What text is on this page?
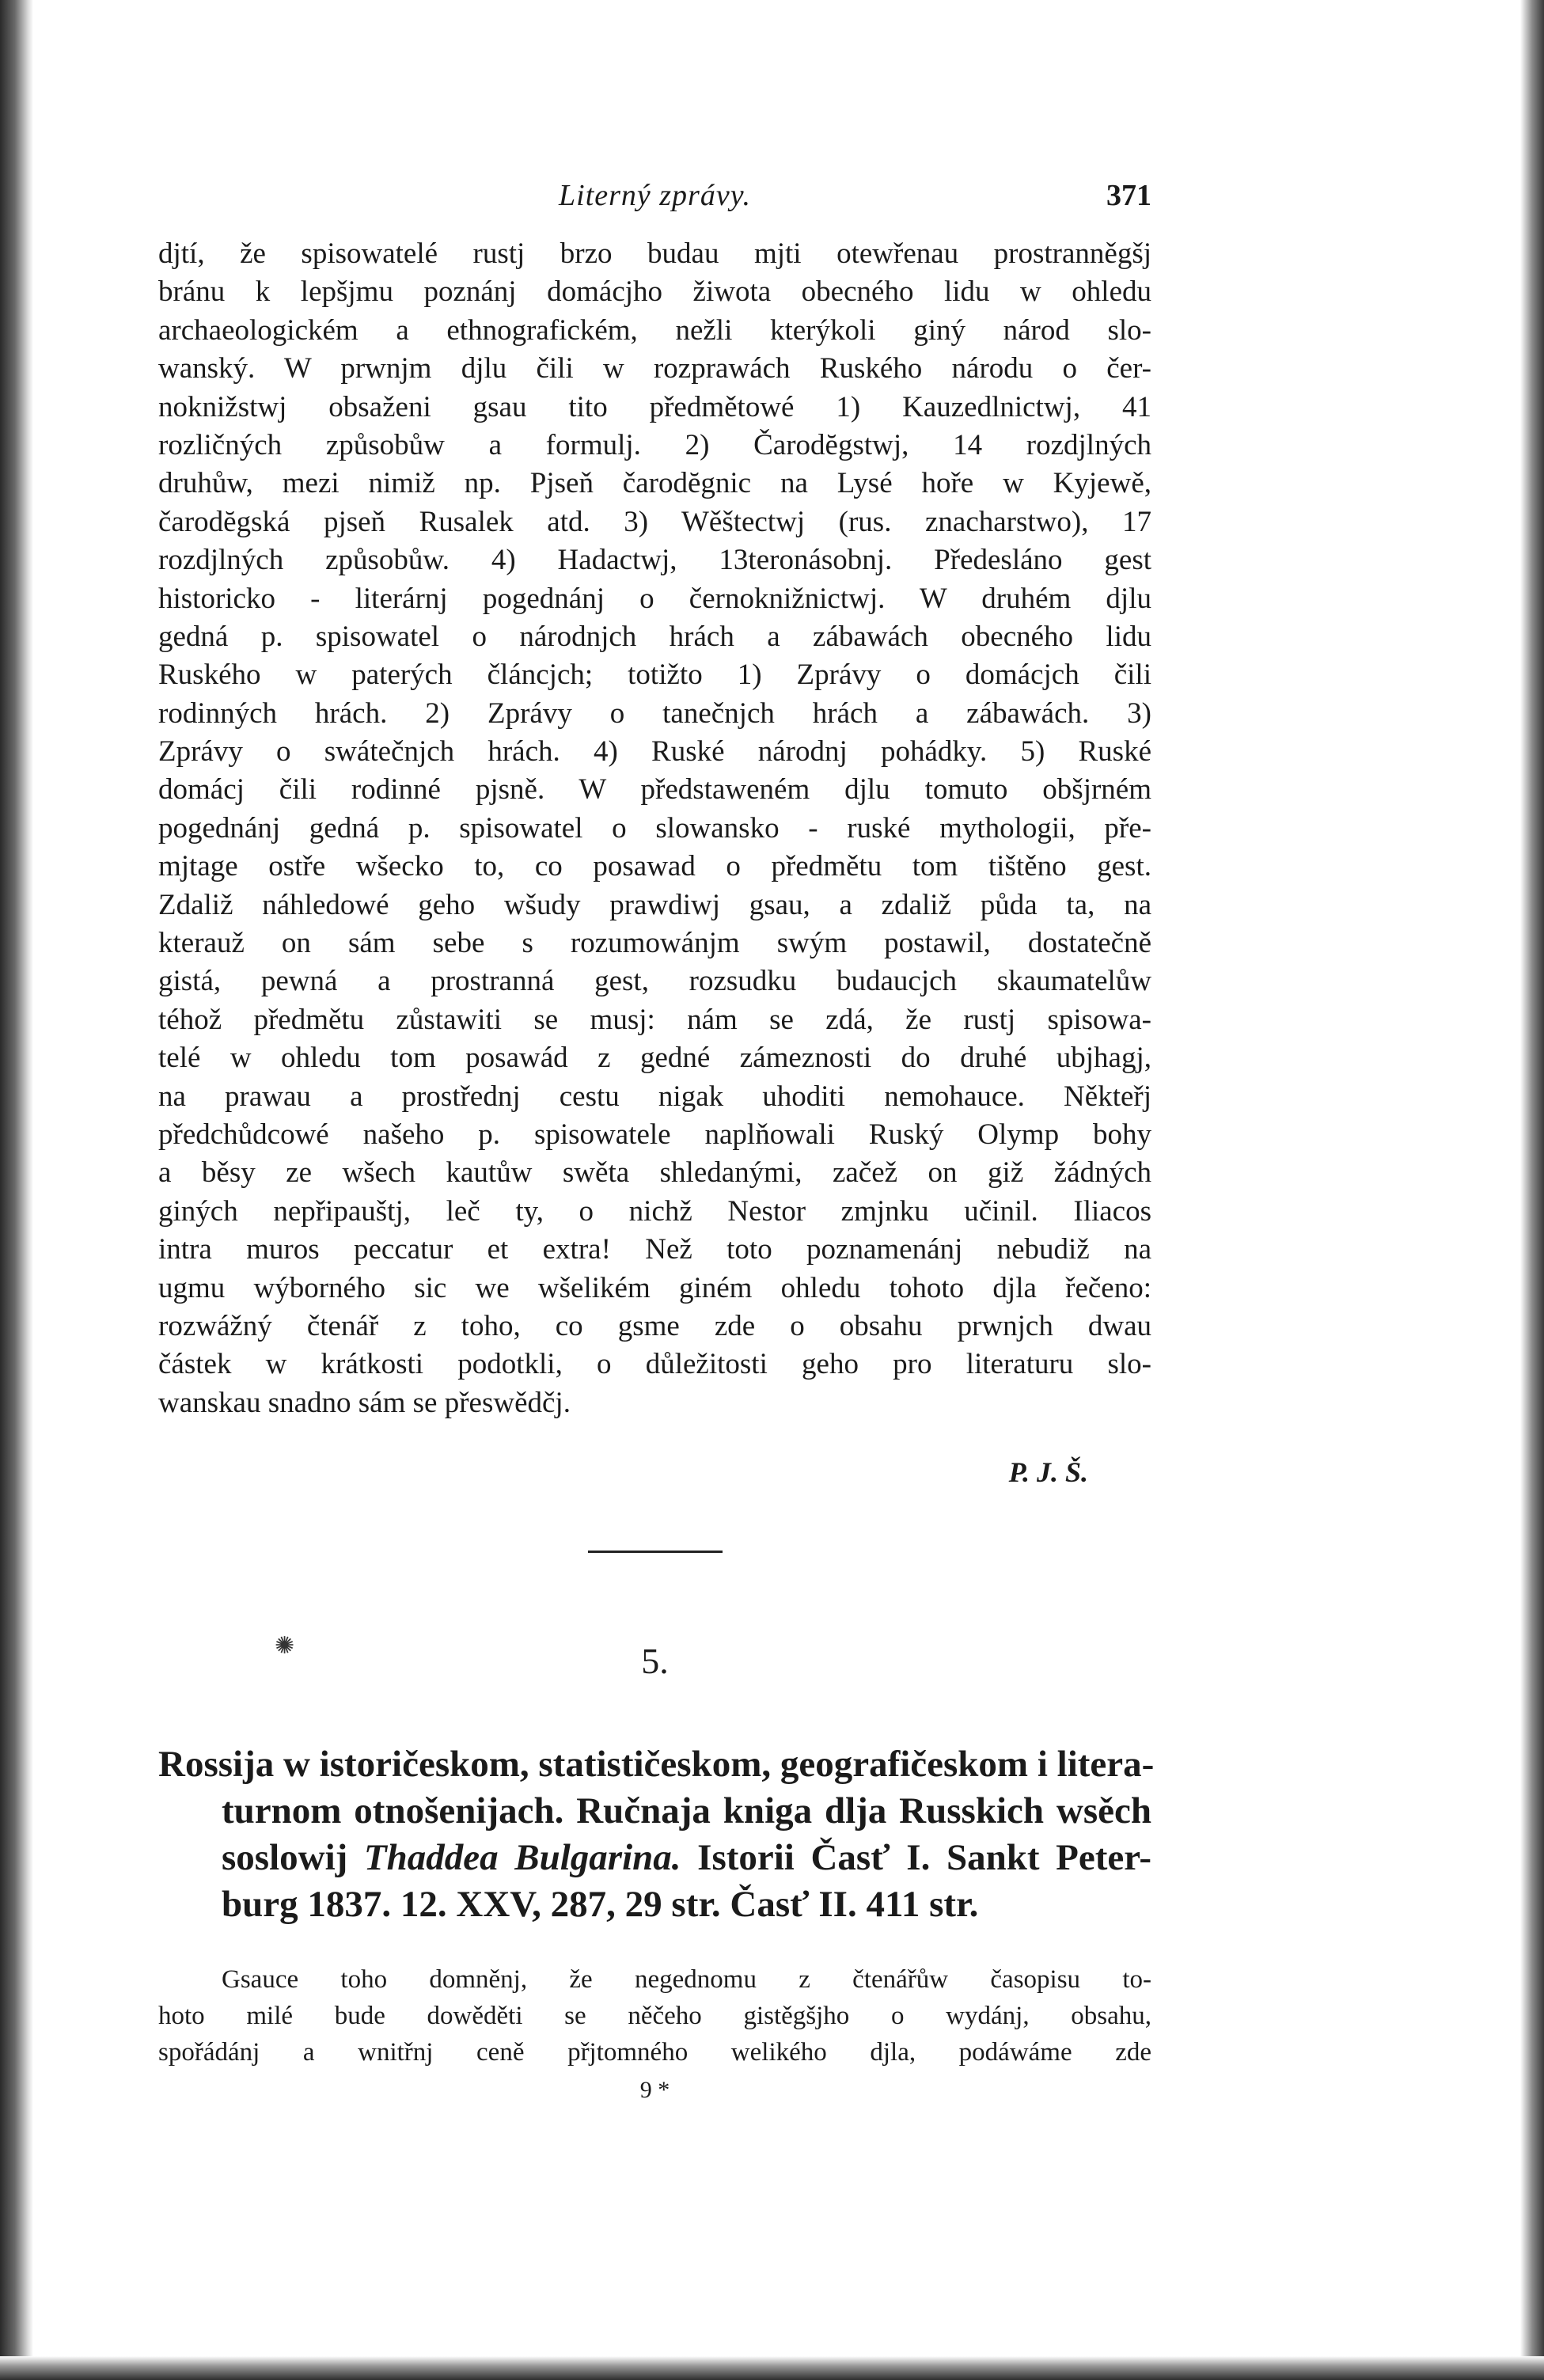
Literný zprávy.	371
djtí, že spisowatelé rustj brzo budau mjti otewřenau prostranněgšj
bránu k lepšjmu poznánj domácjho žiwota obecného lidu w ohledu
archaeologickém a ethnografickém, nežli kterýkoli giný národ slo-
wanský. W prwnjm djlu čili w rozprawách Ruského národu o čer-
noknižstwj obsaženi gsau tito předmětowé 1) Kauzedlnictwj, 41
rozličných způsobůw a formulj. 2) Čarodĕgstwj, 14 rozdjlných
druhůw, mezi nimiž np. Pjseň čarodĕgnic na Lysé hoře w Kyjewě,
čarodĕgská pjseň Rusalek atd. 3) Wěštectwj (rus. znacharstwo), 17
rozdjlných způsobůw. 4) Hadactwj, 13teronásobnj. Předesláno gest
historicko - literárnj pogednánj o černoknižnictwj. W druhém djlu
gedná p. spisowatel o národnjch hrách a zábawách obecného lidu
Ruského w paterých článcjch; totižto 1) Zprávy o domácjch čili
rodinných hrách. 2) Zprávy o tanečnjch hrách a zábawách. 3)
Zprávy o swátečnjch hrách. 4) Ruské národnj pohádky. 5) Ruské
domácj čili rodinné pjsně. W předstaweném djlu tomuto obšjrném
pogednánj gedná p. spisowatel o slowansko - ruské mythologii, pře-
mjtage ostře wšecko to, co posawad o předmětu tom tištěno gest.
Zdaliž náhledowé geho wšudy prawdiwj gsau, a zdaliž půda ta, na
kterauž on sám sebe s rozumowánjm swým postawil, dostatečně
gistá, pewná a prostranná gest, rozsudku budaucjch skaumatelůw
téhož předmětu zůstawiti se musj: nám se zdá, že rustj spisowa-
telé w ohledu tom posawád z gedné zámeznosti do druhé ubjhagj,
na prawau a prostřednj cestu nigak uhoditi nemohauce. Někteřj
předchůdcowé našeho p. spisowatele naplňowali Ruský Olymp bohy
a běsy ze wšech kautůw swěta shledanými, začež on giž žádných
giných nepřipauštj, leč ty, o nichž Nestor zmjnku učinil. Iliacos
intra muros peccatur et extra! Než toto poznamenánj nebudiž na
ugmu wýborného sic we wšelikém giném ohledu tohoto djla řečeno:
rozwážný čtenář z toho, co gsme zde o obsahu prwnjch dwau
částek w krátkosti podotkli, o důležitosti geho pro literaturu slo-
wanskau snadno sám se přeswědčj.
P. J. Š.
✺	5.
Rossija w istoričeskom, statističeskom, geografičeskom i litera-
turnom otnošenijach. Ručnaja kniga dlja Russkich wsěch
soslowij Thaddea Bulgarina. Istorii Časť I. Sankt Peter-
burg 1837. 12. XXV, 287, 29 str. Časť II. 411 str.
Gsauce toho domněnj, že negednomu z čtenářůw časopisu to-
hoto milé bude dowěděti se něčeho gistěgšjho o wydánj, obsahu,
spořádánj a wnitřnj ceně přjtomného welikého djla, podáwáme zde
9 *
